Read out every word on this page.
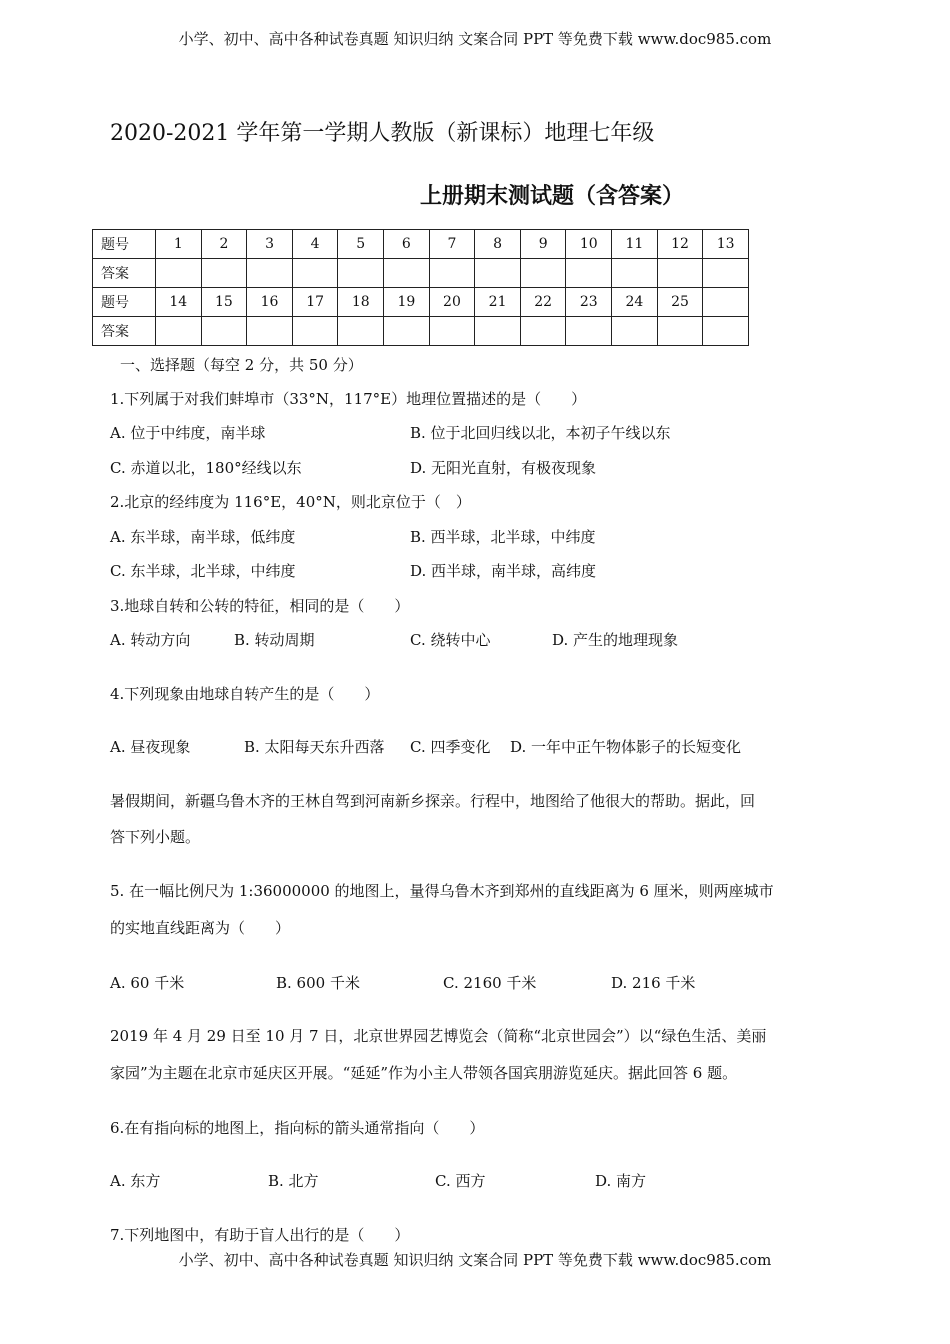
小学、初中、高中各种试卷真题 知识归纳 文案合同 PPT 等免费下载 www.doc985.com
2020-2021 学年第一学期人教版（新课标）地理七年级
上册期末测试题（含答案）
题号	1	2	3	4	5	6	7	8	9	10	11	12	13
答案													
题号	14	15	16	17	18	19	20	21	22	23	24	25	
答案													
一、选择题（每空 2 分，共 50 分）
1.下列属于对我们蚌埠市（33°N，117°E）地理位置描述的是（　　）
A. 位于中纬度，南半球	B. 位于北回归线以北，本初子午线以东
C. 赤道以北，180°经线以东	D. 无阳光直射，有极夜现象
2.北京的经纬度为 116°E，40°N，则北京位于（　）
A. 东半球，南半球，低纬度	B. 西半球，北半球，中纬度
C. 东半球，北半球，中纬度	D. 西半球，南半球，高纬度
3.地球自转和公转的特征，相同的是（　　）
A. 转动方向	B. 转动周期	C. 绕转中心	D. 产生的地理现象
4.下列现象由地球自转产生的是（　　）
A. 昼夜现象	B. 太阳每天东升西落 C. 四季变化 D. 一年中正午物体影子的长短变化
暑假期间，新疆乌鲁木齐的王林自驾到河南新乡探亲。行程中，地图给了他很大的帮助。据此，回
答下列小题。
5. 在一幅比例尺为 1:36000000 的地图上，量得乌鲁木齐到郑州的直线距离为 6 厘米，则两座城市
的实地直线距离为（　　）
A. 60 千米	B. 600 千米	C. 2160 千米	D. 216 千米
2019 年 4 月 29 日至 10 月 7 日，北京世界园艺博览会（简称“北京世园会”）以“绿色生活、美丽
家园”为主题在北京市延庆区开展。“延延”作为小主人带领各国宾朋游览延庆。据此回答 6 题。
6.在有指向标的地图上，指向标的箭头通常指向（　　）
A. 东方	B. 北方	C. 西方	D. 南方
7.下列地图中，有助于盲人出行的是（　　）
小学、初中、高中各种试卷真题 知识归纳 文案合同 PPT 等免费下载 www.doc985.com
